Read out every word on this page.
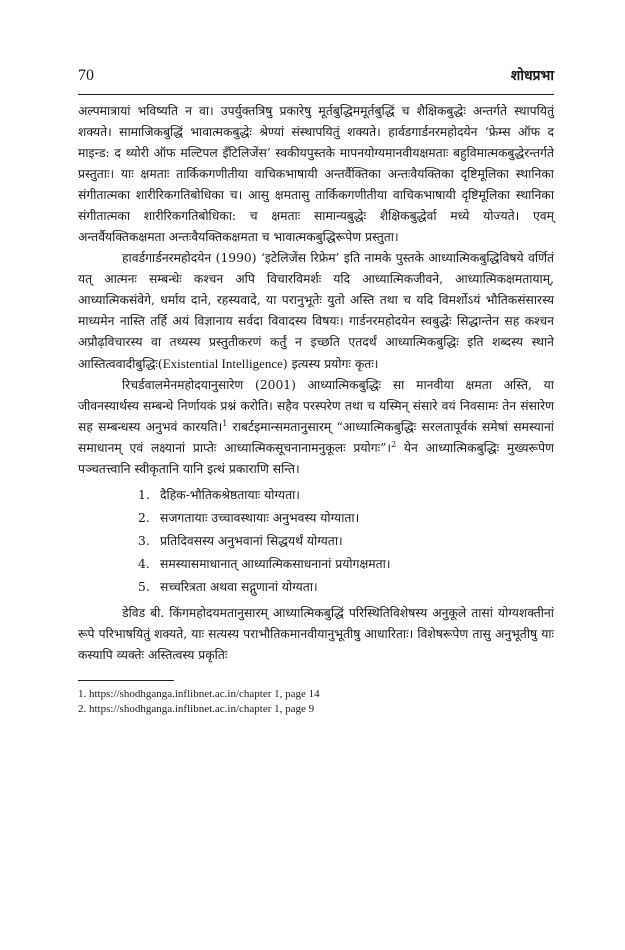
70	शोधप्रभा

अल्पमात्रायां भविष्यति न वा। उपर्युक्तत्रिषु प्रकारेषु मूर्तबुद्धिममूर्तबुद्धिं च शैक्षिकबुद्धेः अन्तर्गते स्थापयितुं शक्यते। सामाजिकबुद्धिं भावात्मकबुद्धेः श्रेण्यां संस्थापयितुं शक्यते। हार्वडगार्डनरमहोदयेन ‘फ्रेम्स ऑफ द माइन्ड: द थ्योरी ऑफ मल्टिपल इँटिलिजेंस’ स्वकीयपुस्तके मापनयोग्यमानवीयक्षमताः बहुविमात्मकबुद्धेरन्तर्गते प्रस्तुताः। याः क्षमताः तार्किकगणीतीया वाचिकभाषायी अन्तर्वैक्तिका अन्तःवैयक्तिका दृष्टिमूलिका स्थानिका संगीतात्मका शारीरिकगतिबोधिका च। आसु क्षमतासु तार्किकगणीतीया वाचिकभाषायी दृष्टिमूलिका स्थानिका संगीतात्मका शारीरिकगतिबोधिका: च क्षमताः सामान्यबुद्धेः शैक्षिकबुद्धेर्वा मध्ये योज्यते। एवम् अन्तर्वैयक्तिकक्षमता अन्तःवैयक्तिकक्षमता च भावात्मकबुद्धिरूपेण प्रस्तुता।

हावर्डगार्डनरमहोदयेन (1990) ‘इटेलिजेंस रिफ्रेम’ इति नामके पुस्तके आध्यात्मिकबुद्धिविषये वर्णितं यत् आत्मनः सम्बन्धेः कश्चन अपि विचारविमर्शः यदि आध्यात्मिकजीवने, आध्यात्मिकक्षमतायाम्, आध्यात्मिकसंवेगे, धर्माय दाने, रहस्यवादे, या परानुभूतेः युतो अस्ति तथा च यदि विमर्शोऽयं भौतिकसंसारस्य माध्यमेन नास्ति तर्हि अयं विज्ञानाय सर्वदा विवादस्य विषयः। गार्डनरमहोदयेन स्वबुद्धेः सिद्धान्तेन सह कश्चन अप्रौढ़विचारस्य वा तथ्यस्य प्रस्तुतीकरणं कर्तुं न इच्छति एतदर्थं आध्यात्मिकबुद्धिः इति शब्दस्य स्थाने आस्तित्ववादीबुद्धिः(Existential Intelligence) इत्यस्य प्रयोगः कृतः।

रिचर्डवालमेनमहोदयानुसारेण (2001) आध्यात्मिकबुद्धिः सा मानवीया क्षमता अस्ति, या जीवनस्यार्थस्य सम्बन्धे निर्णायकं प्रश्नं करोति। सहैव परस्परेण तथा च यस्मिन् संसारे वयं निवसामः तेन संसारेण सह सम्बन्धस्य अनुभवं कारयति।$^1$ राबर्टइमान्समतानुसारम् “आध्यात्मिकबुद्धिः सरलतापूर्वकं समेषां समस्यानां समाधानम् एवं लक्ष्यानां प्राप्तेः आध्यात्मिकसूचनानामनुकूलः प्रयोगः”।$^2$ येन आध्यात्मिकबुद्धिः मुख्यरूपेण पञ्चतत्त्वानि स्वीकृतानि यानि इत्थं प्रकाराणि सन्ति।

1. दैहिक-भौतिकश्रेष्ठतायाः योग्यता।
2. सजगतायाः उच्चावस्थायाः अनुभवस्य योग्याता।
3. प्रतिदिवसस्य अनुभवानां सिद्धयर्थं योग्यता।
4. समस्यासमाधानात् आध्यात्मिकसाधनानां प्रयोगक्षमता।
5. सच्चरित्रता अथवा सद्गुणानां योग्यता।

डेविड बी. किंगमहोदयमतानुसारम् आध्यात्मिकबुद्धिं परिस्थितिविशेषस्य अनुकूले तासां योग्यशक्तीनां रूपे परिभाषयितुं शक्यते, याः सत्यस्य पराभौतिकमानवीयानुभूतीषु आधारिताः। विशेषरूपेण तासु अनुभूतीषु याः कस्यापि व्यक्तेः अस्तित्वस्य प्रकृतिः

1. https://shodhganga.inflibnet.ac.in/chapter 1, page 14
2. https://shodhganga.inflibnet.ac.in/chapter 1, page 9
